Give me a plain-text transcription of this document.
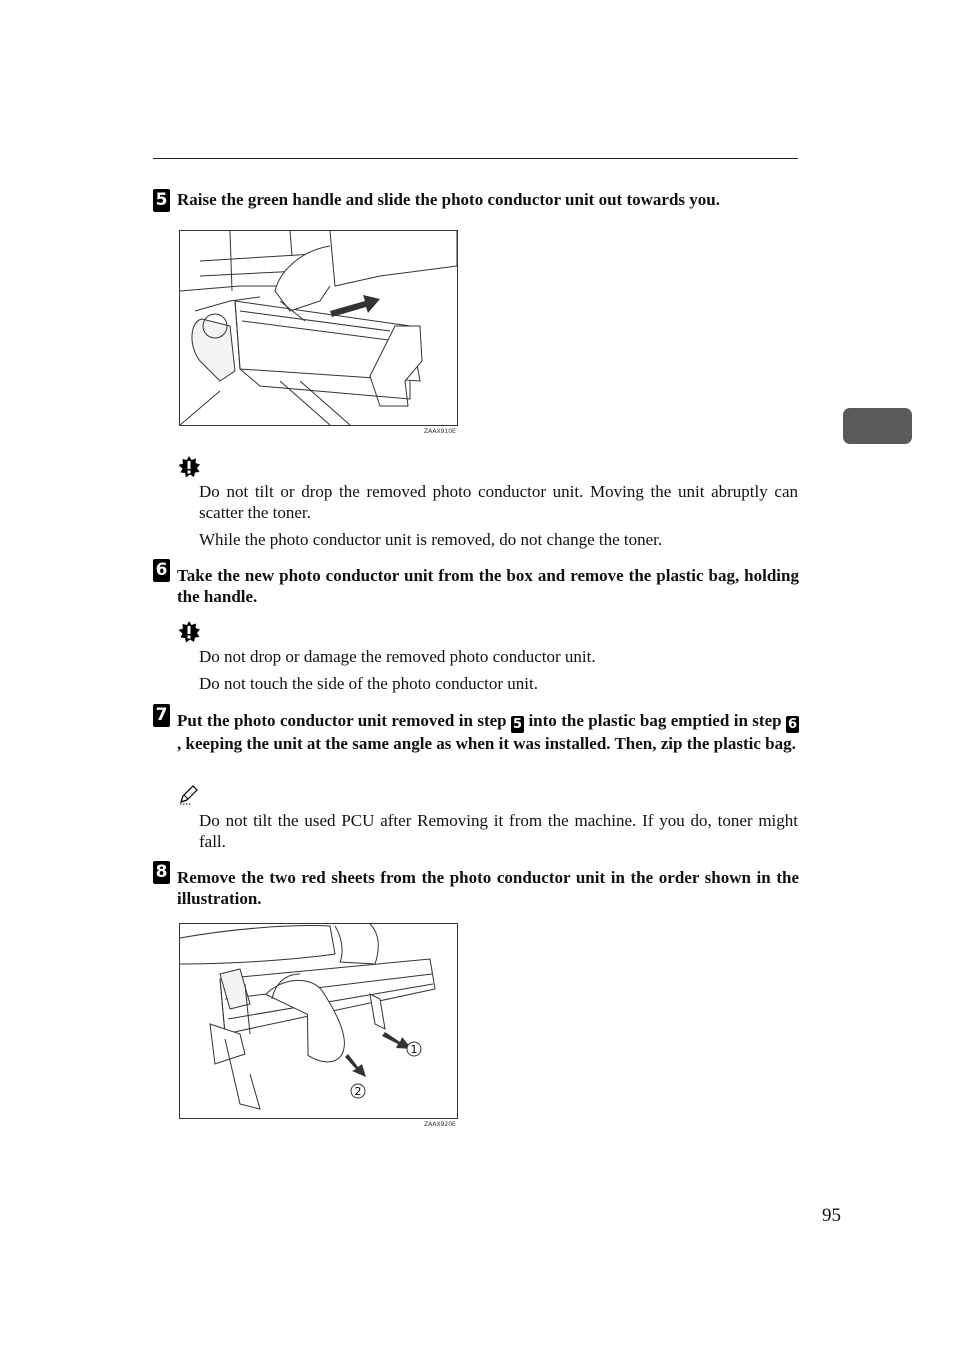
5 Raise the green handle and slide the photo conductor unit out towards you.
ZAAX910E
Do not tilt or drop the removed photo conductor unit. Moving the unit abruptly can scatter the toner.
While the photo conductor unit is removed, do not change the toner.
6 Take the new photo conductor unit from the box and remove the plastic bag, holding the handle.
Do not drop or damage the removed photo conductor unit.
Do not touch the side of the photo conductor unit.
7 Put the photo conductor unit removed in step 5 into the plastic bag emptied in step 6, keeping the unit at the same angle as when it was installed. Then, zip the plastic bag.
Do not tilt the used PCU after Removing it from the machine. If you do, toner might fall.
8 Remove the two red sheets from the photo conductor unit in the order shown in the illustration.
1
2
ZAAX920E
95
